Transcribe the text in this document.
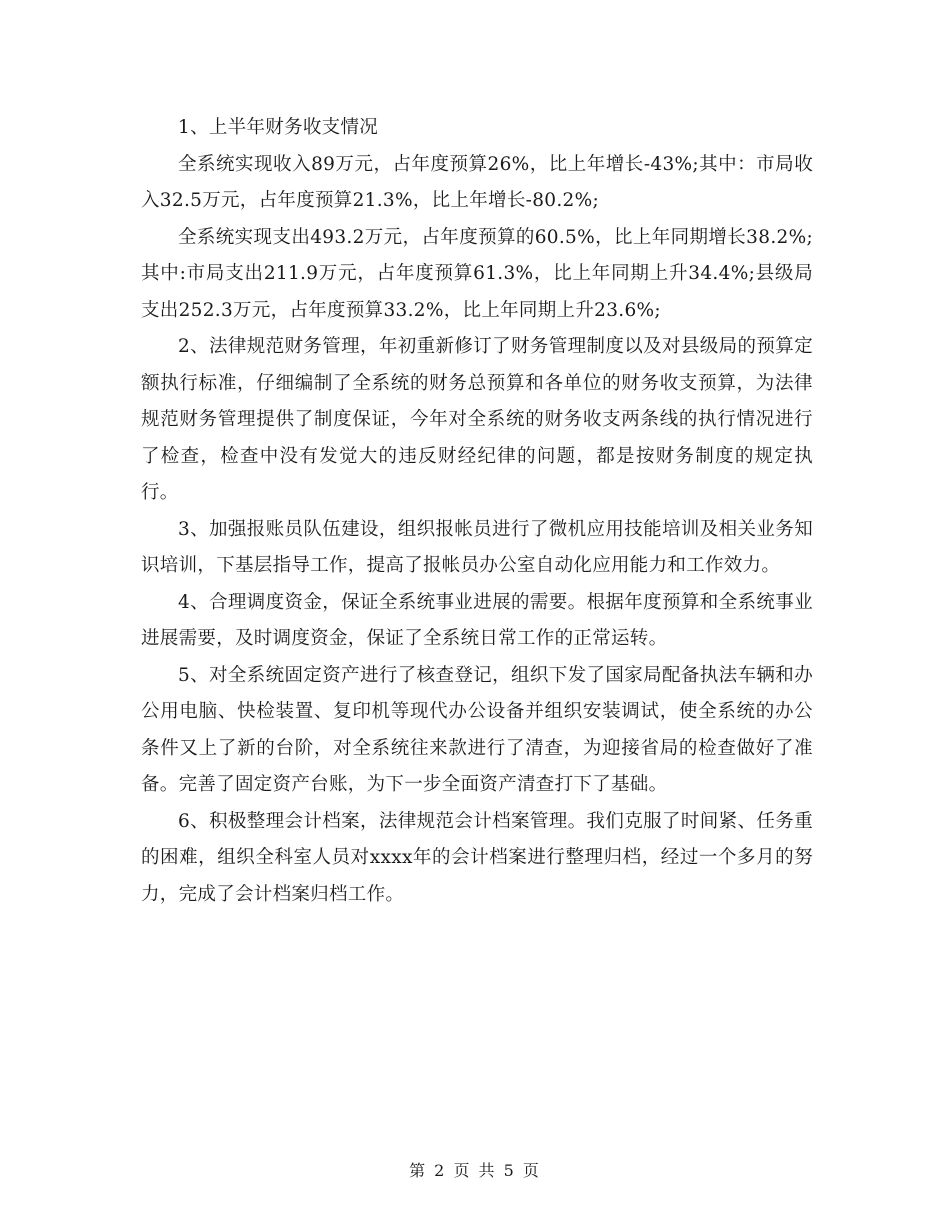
1、上半年财务收支情况

全系统实现收入89万元，占年度预算26%，比上年增长-43%;其中：市局收入32.5万元，占年度预算21.3%，比上年增长-80.2%;

全系统实现支出493.2万元，占年度预算的60.5%，比上年同期增长38.2%;其中:市局支出211.9万元，占年度预算61.3%，比上年同期上升34.4%;县级局支出252.3万元，占年度预算33.2%，比上年同期上升23.6%;

2、法律规范财务管理，年初重新修订了财务管理制度以及对县级局的预算定额执行标准，仔细编制了全系统的财务总预算和各单位的财务收支预算，为法律规范财务管理提供了制度保证，今年对全系统的财务收支两条线的执行情况进行了检查，检查中没有发觉大的违反财经纪律的问题，都是按财务制度的规定执行。

3、加强报账员队伍建设，组织报帐员进行了微机应用技能培训及相关业务知识培训，下基层指导工作，提高了报帐员办公室自动化应用能力和工作效力。

4、合理调度资金，保证全系统事业进展的需要。根据年度预算和全系统事业进展需要，及时调度资金，保证了全系统日常工作的正常运转。

5、对全系统固定资产进行了核查登记，组织下发了国家局配备执法车辆和办公用电脑、快检装置、复印机等现代办公设备并组织安装调试，使全系统的办公条件又上了新的台阶，对全系统往来款进行了清查，为迎接省局的检查做好了准备。完善了固定资产台账，为下一步全面资产清查打下了基础。

6、积极整理会计档案，法律规范会计档案管理。我们克服了时间紧、任务重的困难，组织全科室人员对xxxx年的会计档案进行整理归档，经过一个多月的努力，完成了会计档案归档工作。

第 2 页 共 5 页
